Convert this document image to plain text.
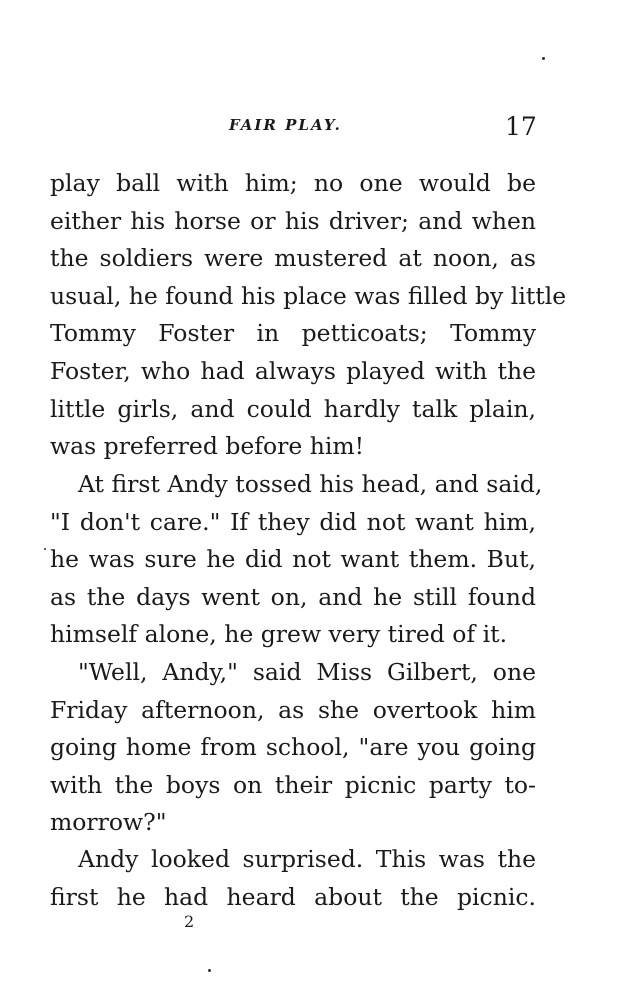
FAIR PLAY.	17
play ball with him; no one would be
either his horse or his driver; and when
the soldiers were mustered at noon, as
usual, he found his place was filled by little
Tommy Foster in petticoats; Tommy
Foster, who had always played with the
little girls, and could hardly talk plain,
was preferred before him!
At first Andy tossed his head, and said,
"I don't care." If they did not want him,
he was sure he did not want them. But,
as the days went on, and he still found
himself alone, he grew very tired of it.
"Well, Andy," said Miss Gilbert, one
Friday afternoon, as she overtook him
going home from school, "are you going
with the boys on their picnic party to-
morrow?"
Andy looked surprised. This was the
first he had heard about the picnic.
2
